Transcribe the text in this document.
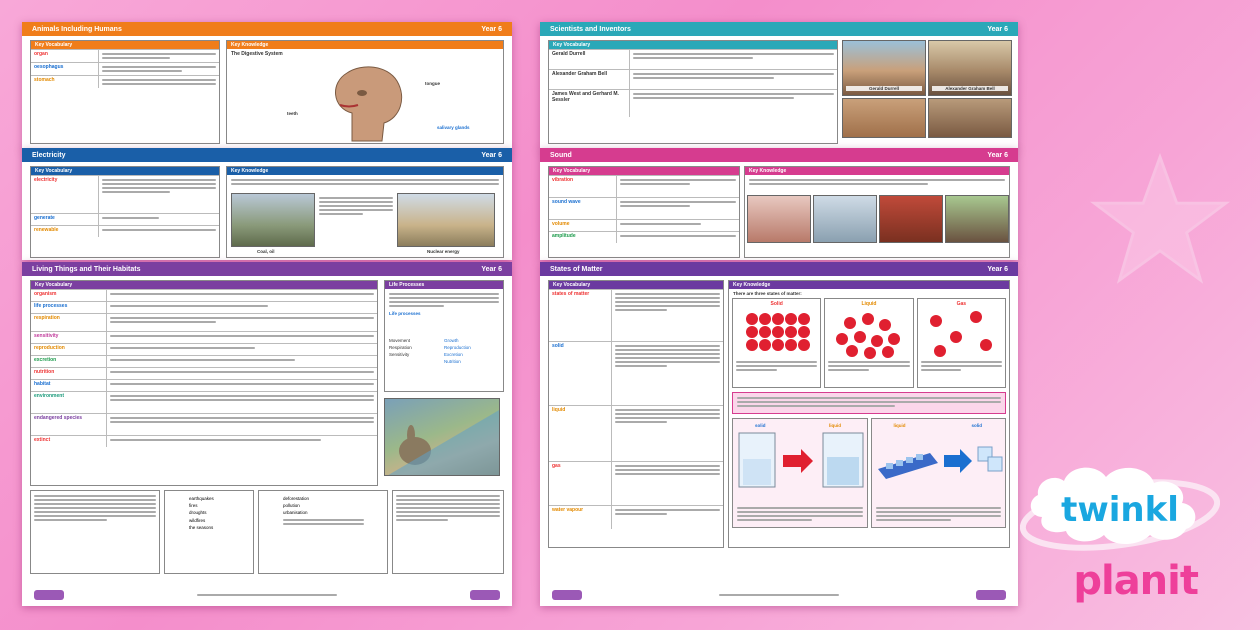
Animals Including Humans	Year 6
Key Vocabulary
organ
oesophagus
stomach
Key Knowledge
The Digestive System
teeth
tongue
salivary glands
Electricity	Year 6
Key Vocabulary
electricity
generate
renewable
Key Knowledge
Coal, oil	Nuclear energy
Living Things and Their Habitats	Year 6
Key Vocabulary
organism
life processes
respiration
sensitivity
reproduction
excretion
nutrition
habitat
environment
endangered species
extinct
Life Processes
Life processes
Movement	Growth
Respiration	Reproduction
Sensitivity	Excretion
Nutrition
earthquakes
fires
droughts
wildfires
the seasons
deforestation
pollution
urbanisation
Scientists and Inventors	Year 6
Key Vocabulary
Gerald Durrell
Alexander Graham Bell
James West and Gerhard M. Sessler
Gerald Durrell	Alexander Graham Bell
Sound	Year 6
Key Vocabulary
vibration
sound wave
volume
amplitude
Key Knowledge
States of Matter	Year 6
Key Vocabulary
states of matter
solid
liquid
gas
water vapour
Key Knowledge
There are three states of matter:
Solid	Liquid	Gas
solid	liquid	liquid	solid
twinkl
planit
